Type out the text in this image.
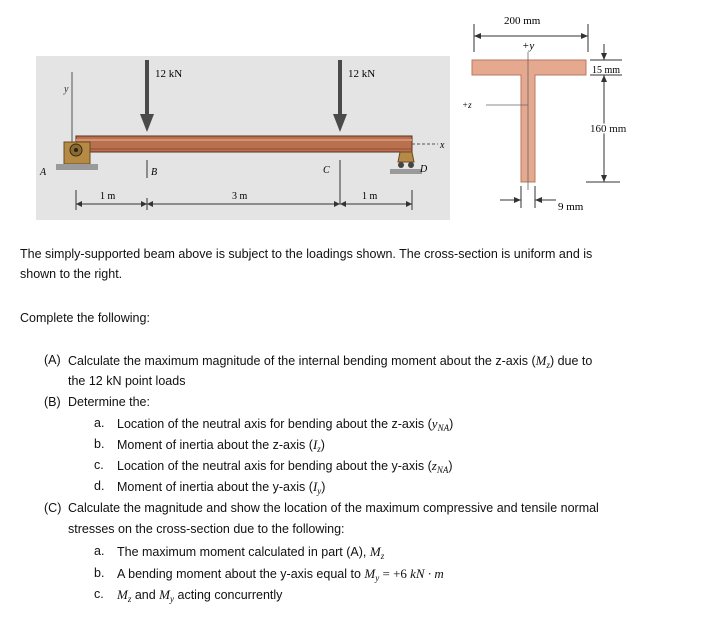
y
A	D
x
12 kN	12 kN
B	C
1 m	3 m	1 m
200 mm
+y
+z
15 mm
160 mm
9 mm
The simply-supported beam above is subject to the loadings shown. The cross-section is uniform and is
shown to the right.
Complete the following:
(A) Calculate the maximum magnitude of the internal bending moment about the z-axis $(M_z)$ due to
the 12 kN point loads
(B) Determine the:
a. Location of the neutral axis for bending about the z-axis $(y_{NA})$
b. Moment of inertia about the z-axis $(I_z)$
c. Location of the neutral axis for bending about the y-axis $(z_{NA})$
d. Moment of inertia about the y-axis $(I_y)$
(C) Calculate the magnitude and show the location of the maximum compressive and tensile normal
stresses on the cross-section due to the following:
a. The maximum moment calculated in part (A), $M_z$
b. A bending moment about the y-axis equal to $M_y = +6$ kN · m
c. $M_z$ and $M_y$ acting concurrently
